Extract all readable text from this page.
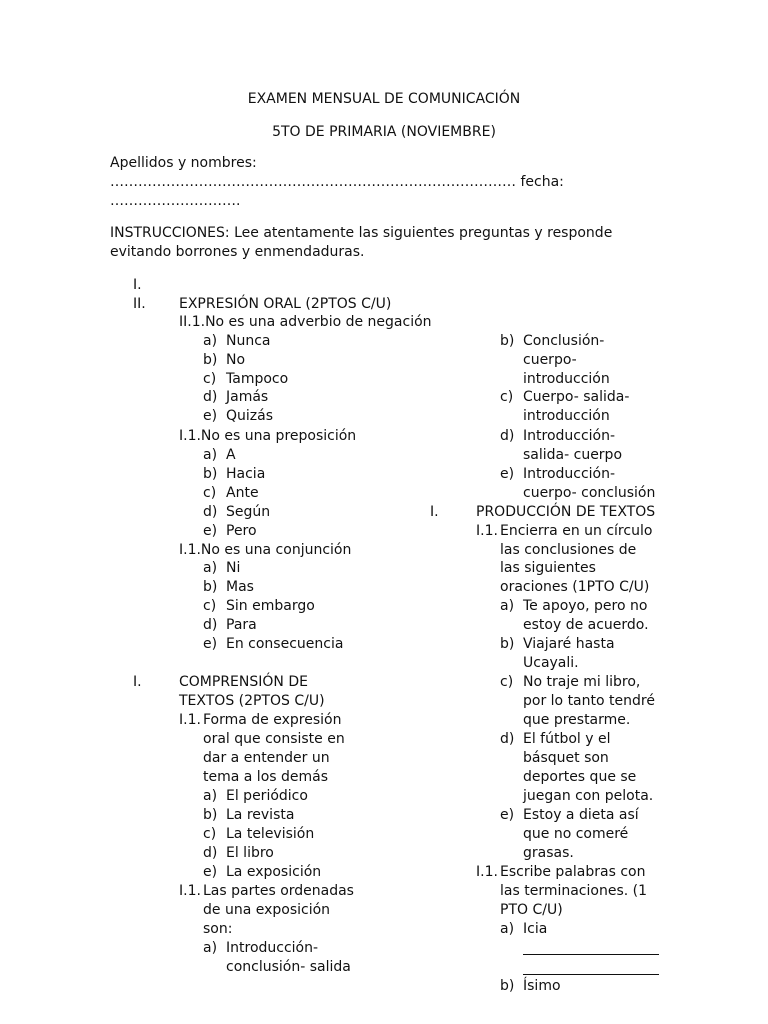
EXAMEN MENSUAL DE COMUNICACIÓN
5TO DE PRIMARIA (NOVIEMBRE)
Apellidos y nombres:
…………………………………………………………………………… fecha:
……………………….
INSTRUCCIONES: Lee atentamente las siguientes preguntas y responde
evitando borrones y enmendaduras.
I.
II. EXPRESIÓN ORAL (2PTOS C/U)
II.1.No es una adverbio de negación
a) Nunca
b) No
c) Tampoco
d) Jamás
e) Quizás
I.1.No es una preposición
a) A
b) Hacia
c) Ante
d) Según
e) Pero
I.1.No es una conjunción
a) Ni
b) Mas
c) Sin embargo
d) Para
e) En consecuencia
I.	COMPRENSIÓN DE
TEXTOS (2PTOS C/U)
I.1. Forma de expresión
oral que consiste en
dar a entender un
tema a los demás
a) El periódico
b) La revista
c) La televisión
d) El libro
e) La exposición
I.1. Las partes ordenadas
de una exposición
son:
a) Introducción-
conclusión- salida
b) Conclusión-
cuerpo-
introducción
c) Cuerpo- salida-
introducción
d) Introducción-
salida- cuerpo
e) Introducción-
cuerpo- conclusión
I.	PRODUCCIÓN DE TEXTOS
I.1. Encierra en un círculo
las conclusiones de
las siguientes
oraciones (1PTO C/U)
a) Te apoyo, pero no
estoy de acuerdo.
b) Viajaré hasta
Ucayali.
c) No traje mi libro,
por lo tanto tendré
que prestarme.
d) El fútbol y el
básquet son
deportes que se
juegan con pelota.
e) Estoy a dieta así
que no comeré
grasas.
I.1. Escribe palabras con
las terminaciones. (1
PTO C/U)
a) Icia
b) Ísimo
